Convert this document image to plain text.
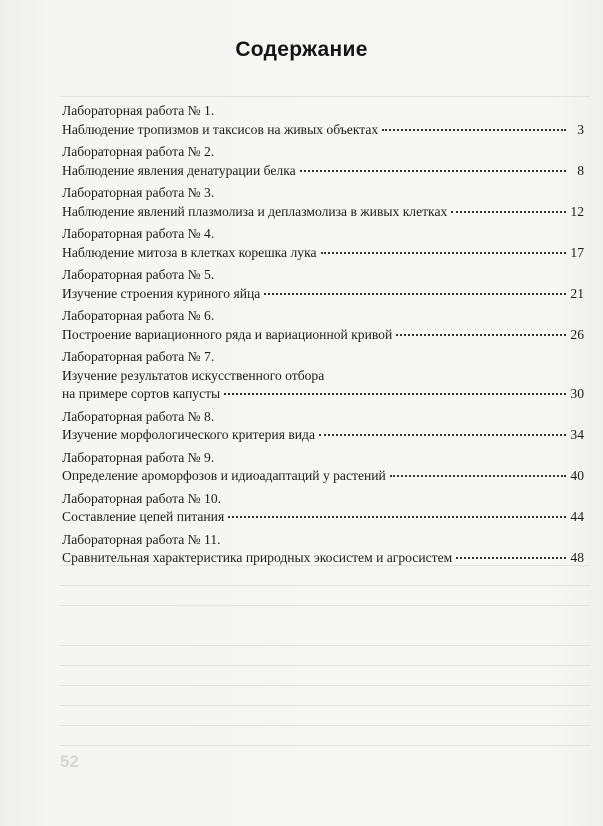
Содержание
Лабораторная работа № 1.
Наблюдение тропизмов и таксисов на живых объектах	3
Лабораторная работа № 2.
Наблюдение явления денатурации белка	8
Лабораторная работа № 3.
Наблюдение явлений плазмолиза и деплазмолиза в живых клетках	12
Лабораторная работа № 4.
Наблюдение митоза в клетках корешка лука	17
Лабораторная работа № 5.
Изучение строения куриного яйца	21
Лабораторная работа № 6.
Построение вариационного ряда и вариационной кривой	26
Лабораторная работа № 7.
Изучение результатов искусственного отбора
на примере сортов капусты	30
Лабораторная работа № 8.
Изучение морфологического критерия вида	34
Лабораторная работа № 9.
Определение ароморфозов и идиоадаптаций у растений	40
Лабораторная работа № 10.
Составление цепей питания	44
Лабораторная работа № 11.
Сравнительная характеристика природных экосистем и агросистем	48
52
